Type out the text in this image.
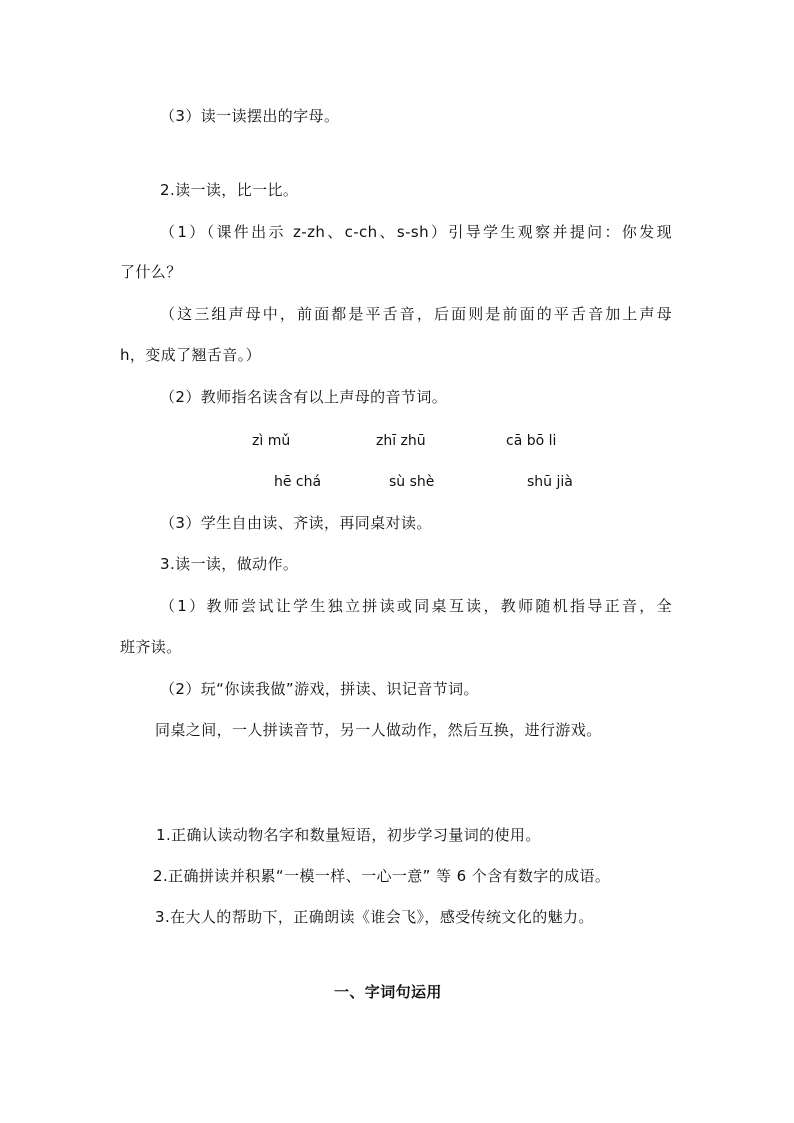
（3）读一读摆出的字母。
2.读一读，比一比。
（1）（课件出示 z-zh、c-ch、s-sh）引导学生观察并提问：你发现
了什么？
（这三组声母中，前面都是平舌音，后面则是前面的平舌音加上声母
h，变成了翘舌音。）
（2）教师指名读含有以上声母的音节词。
zì mǔ	zhī zhū	cā bō li
hē chá	sù shè	shū jià
（3）学生自由读、齐读，再同桌对读。
3.读一读，做动作。
（1）教师尝试让学生独立拼读或同桌互读，教师随机指导正音，全
班齐读。
（2）玩“你读我做”游戏，拼读、识记音节词。
同桌之间，一人拼读音节，另一人做动作，然后互换，进行游戏。
1.正确认读动物名字和数量短语，初步学习量词的使用。
2.正确拼读并积累“一模一样、一心一意” 等 6 个含有数字的成语。
3.在大人的帮助下，正确朗读《谁会飞》，感受传统文化的魅力。
一、字词句运用
